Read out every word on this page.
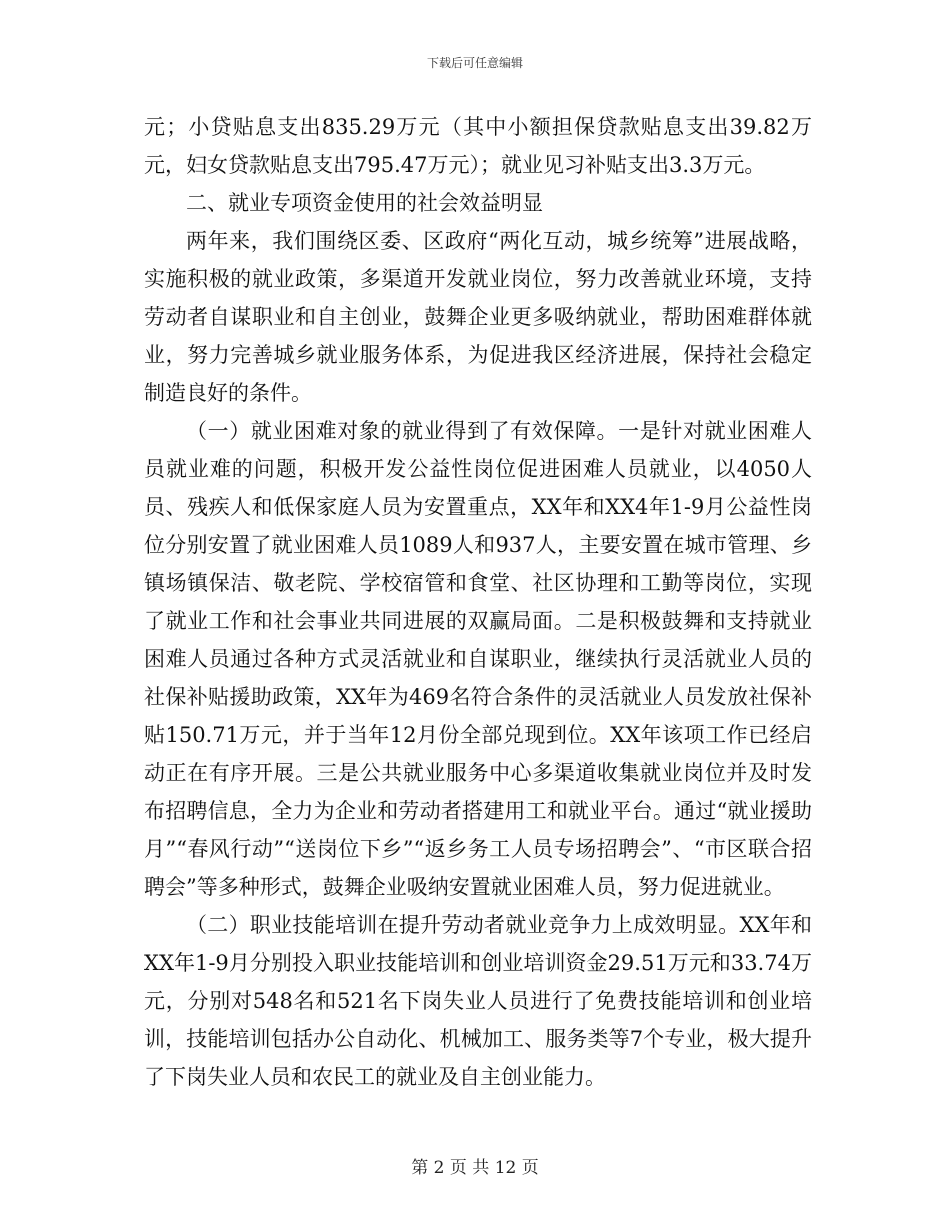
下载后可任意编辑

元；小贷贴息支出835.29万元（其中小额担保贷款贴息支出39.82万元，妇女贷款贴息支出795.47万元）；就业见习补贴支出3.3万元。

二、就业专项资金使用的社会效益明显

两年来，我们围绕区委、区政府“两化互动，城乡统筹”进展战略，实施积极的就业政策，多渠道开发就业岗位，努力改善就业环境，支持劳动者自谋职业和自主创业，鼓舞企业更多吸纳就业，帮助困难群体就业，努力完善城乡就业服务体系，为促进我区经济进展，保持社会稳定制造良好的条件。

（一）就业困难对象的就业得到了有效保障。一是针对就业困难人员就业难的问题，积极开发公益性岗位促进困难人员就业，以4050人员、残疾人和低保家庭人员为安置重点，XX年和XX4年1-9月公益性岗位分别安置了就业困难人员1089人和937人，主要安置在城市管理、乡镇场镇保洁、敬老院、学校宿管和食堂、社区协理和工勤等岗位，实现了就业工作和社会事业共同进展的双赢局面。二是积极鼓舞和支持就业困难人员通过各种方式灵活就业和自谋职业，继续执行灵活就业人员的社保补贴援助政策，XX年为469名符合条件的灵活就业人员发放社保补贴150.71万元，并于当年12月份全部兑现到位。XX年该项工作已经启动正在有序开展。三是公共就业服务中心多渠道收集就业岗位并及时发布招聘信息，全力为企业和劳动者搭建用工和就业平台。通过“就业援助月”“春风行动”“送岗位下乡”“返乡务工人员专场招聘会”、“市区联合招聘会”等多种形式，鼓舞企业吸纳安置就业困难人员，努力促进就业。

（二）职业技能培训在提升劳动者就业竞争力上成效明显。XX年和XX年1-9月分别投入职业技能培训和创业培训资金29.51万元和33.74万元，分别对548名和521名下岗失业人员进行了免费技能培训和创业培训，技能培训包括办公自动化、机械加工、服务类等7个专业，极大提升了下岗失业人员和农民工的就业及自主创业能力。

第 2 页 共 12 页
